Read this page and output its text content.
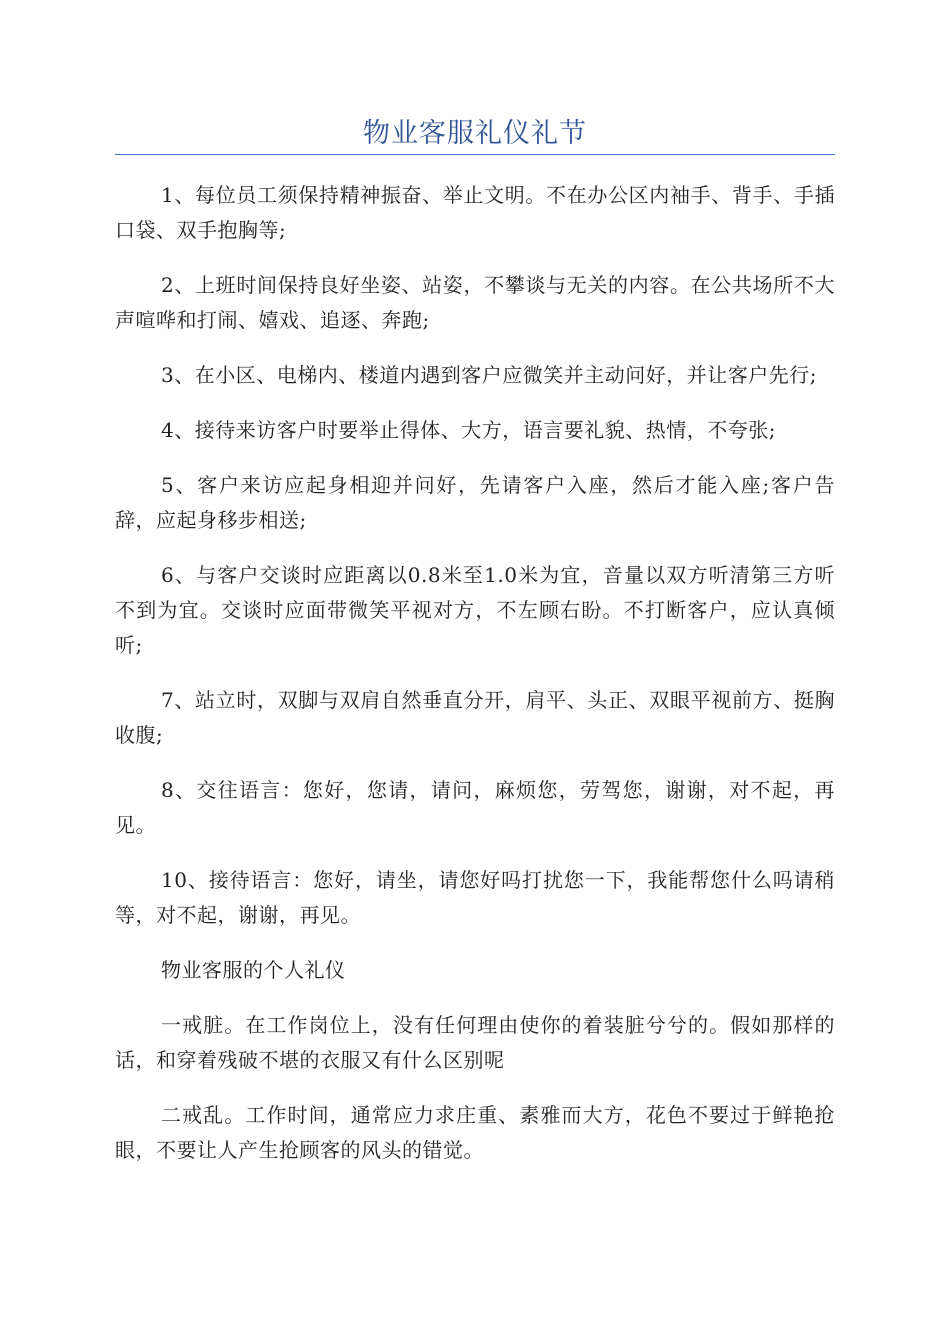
物业客服礼仪礼节

1、每位员工须保持精神振奋、举止文明。不在办公区内袖手、背手、手插口袋、双手抱胸等;

2、上班时间保持良好坐姿、站姿，不攀谈与无关的内容。在公共场所不大声喧哗和打闹、嬉戏、追逐、奔跑;

3、在小区、电梯内、楼道内遇到客户应微笑并主动问好，并让客户先行;

4、接待来访客户时要举止得体、大方，语言要礼貌、热情，不夸张;

5、客户来访应起身相迎并问好，先请客户入座，然后才能入座;客户告辞，应起身移步相送;

6、与客户交谈时应距离以0.8米至1.0米为宜，音量以双方听清第三方听不到为宜。交谈时应面带微笑平视对方，不左顾右盼。不打断客户，应认真倾听;

7、站立时，双脚与双肩自然垂直分开，肩平、头正、双眼平视前方、挺胸收腹;

8、交往语言：您好，您请，请问，麻烦您，劳驾您，谢谢，对不起，再见。

10、接待语言：您好，请坐，请您好吗打扰您一下，我能帮您什么吗请稍等，对不起，谢谢，再见。

物业客服的个人礼仪

一戒脏。在工作岗位上，没有任何理由使你的着装脏兮兮的。假如那样的话，和穿着残破不堪的衣服又有什么区别呢

二戒乱。工作时间，通常应力求庄重、素雅而大方，花色不要过于鲜艳抢眼，不要让人产生抢顾客的风头的错觉。
